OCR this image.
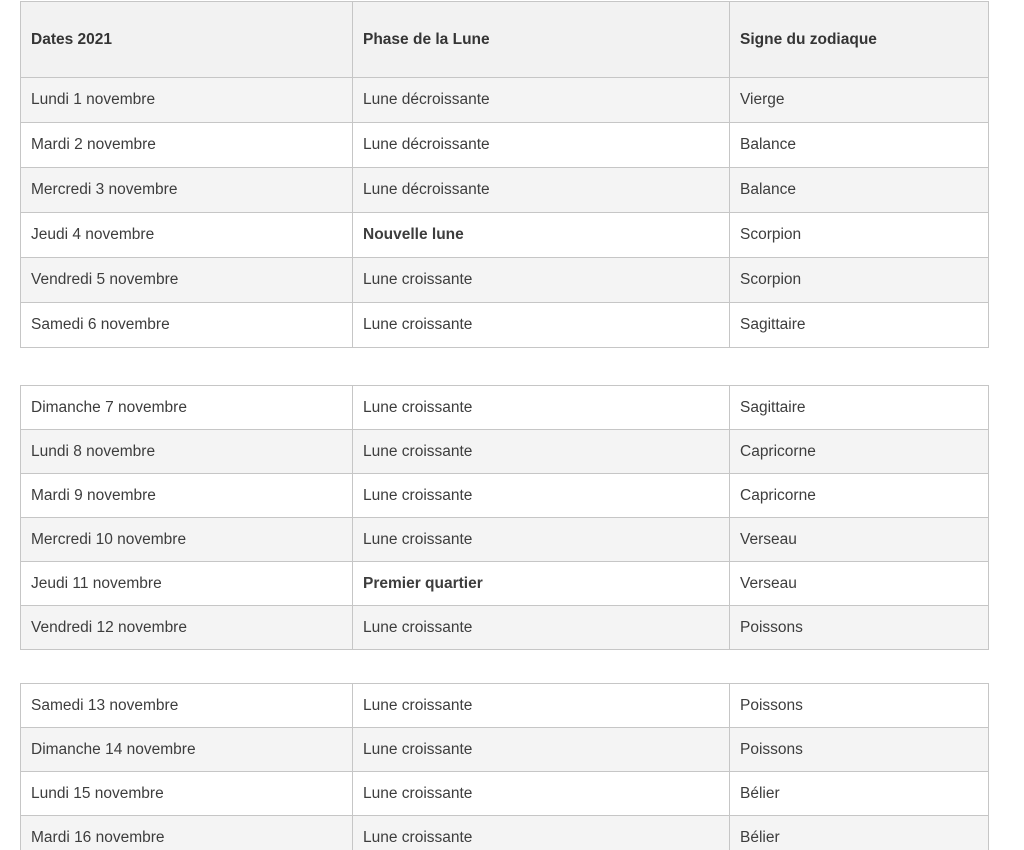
Dates 2021	Phase de la Lune	Signe du zodiaque
Lundi 1 novembre	Lune décroissante	Vierge
Mardi 2 novembre	Lune décroissante	Balance
Mercredi 3 novembre	Lune décroissante	Balance
Jeudi 4 novembre	Nouvelle lune	Scorpion
Vendredi 5 novembre	Lune croissante	Scorpion
Samedi 6 novembre	Lune croissante	Sagittaire
Dimanche 7 novembre	Lune croissante	Sagittaire
Lundi 8 novembre	Lune croissante	Capricorne
Mardi 9 novembre	Lune croissante	Capricorne
Mercredi 10 novembre	Lune croissante	Verseau
Jeudi 11 novembre	Premier quartier	Verseau
Vendredi 12 novembre	Lune croissante	Poissons
Samedi 13 novembre	Lune croissante	Poissons
Dimanche 14 novembre	Lune croissante	Poissons
Lundi 15 novembre	Lune croissante	Bélier
Mardi 16 novembre	Lune croissante	Bélier
